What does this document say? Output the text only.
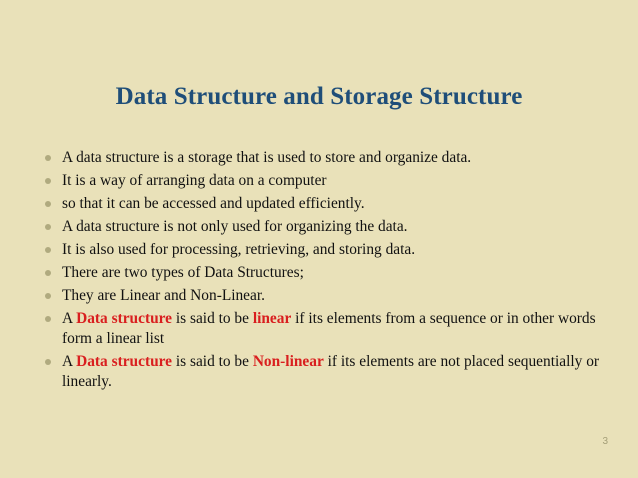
Data Structure and Storage Structure
A data structure is a storage that is used to store and organize data.
It is a way of arranging data on a computer
so that it can be accessed and updated efficiently.
A data structure is not only used for organizing the data.
It is also used for processing, retrieving, and storing data.
There are two types of Data Structures;
They are Linear and Non-Linear.
A Data structure is said to be linear if its elements from a sequence or in other words form a linear list
A Data structure is said to be Non-linear if its elements are not placed sequentially or linearly.
3
